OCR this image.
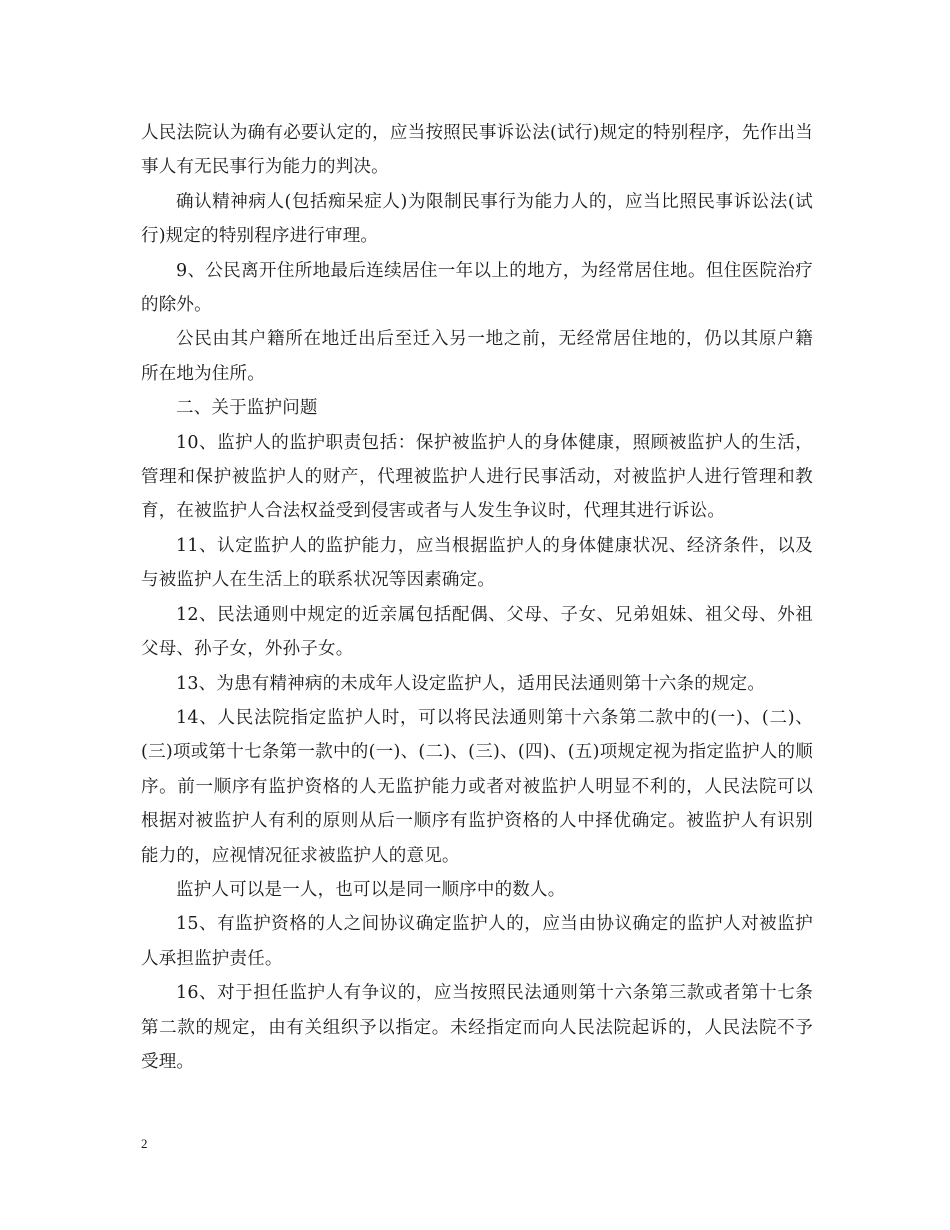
人民法院认为确有必要认定的，应当按照民事诉讼法(试行)规定的特别程序，先作出当事人有无民事行为能力的判决。

确认精神病人(包括痴呆症人)为限制民事行为能力人的，应当比照民事诉讼法(试行)规定的特别程序进行审理。

9、公民离开住所地最后连续居住一年以上的地方，为经常居住地。但住医院治疗的除外。

公民由其户籍所在地迁出后至迁入另一地之前，无经常居住地的，仍以其原户籍所在地为住所。

二、关于监护问题

10、监护人的监护职责包括：保护被监护人的身体健康，照顾被监护人的生活，管理和保护被监护人的财产，代理被监护人进行民事活动，对被监护人进行管理和教育，在被监护人合法权益受到侵害或者与人发生争议时，代理其进行诉讼。

11、认定监护人的监护能力，应当根据监护人的身体健康状况、经济条件，以及与被监护人在生活上的联系状况等因素确定。

12、民法通则中规定的近亲属包括配偶、父母、子女、兄弟姐妹、祖父母、外祖父母、孙子女，外孙子女。

13、为患有精神病的未成年人设定监护人，适用民法通则第十六条的规定。

14、人民法院指定监护人时，可以将民法通则第十六条第二款中的(一)、(二)、(三)项或第十七条第一款中的(一)、(二)、(三)、(四)、(五)项规定视为指定监护人的顺序。前一顺序有监护资格的人无监护能力或者对被监护人明显不利的，人民法院可以根据对被监护人有利的原则从后一顺序有监护资格的人中择优确定。被监护人有识别能力的，应视情况征求被监护人的意见。

监护人可以是一人，也可以是同一顺序中的数人。

15、有监护资格的人之间协议确定监护人的，应当由协议确定的监护人对被监护人承担监护责任。

16、对于担任监护人有争议的，应当按照民法通则第十六条第三款或者第十七条第二款的规定，由有关组织予以指定。未经指定而向人民法院起诉的，人民法院不予受理。

2
